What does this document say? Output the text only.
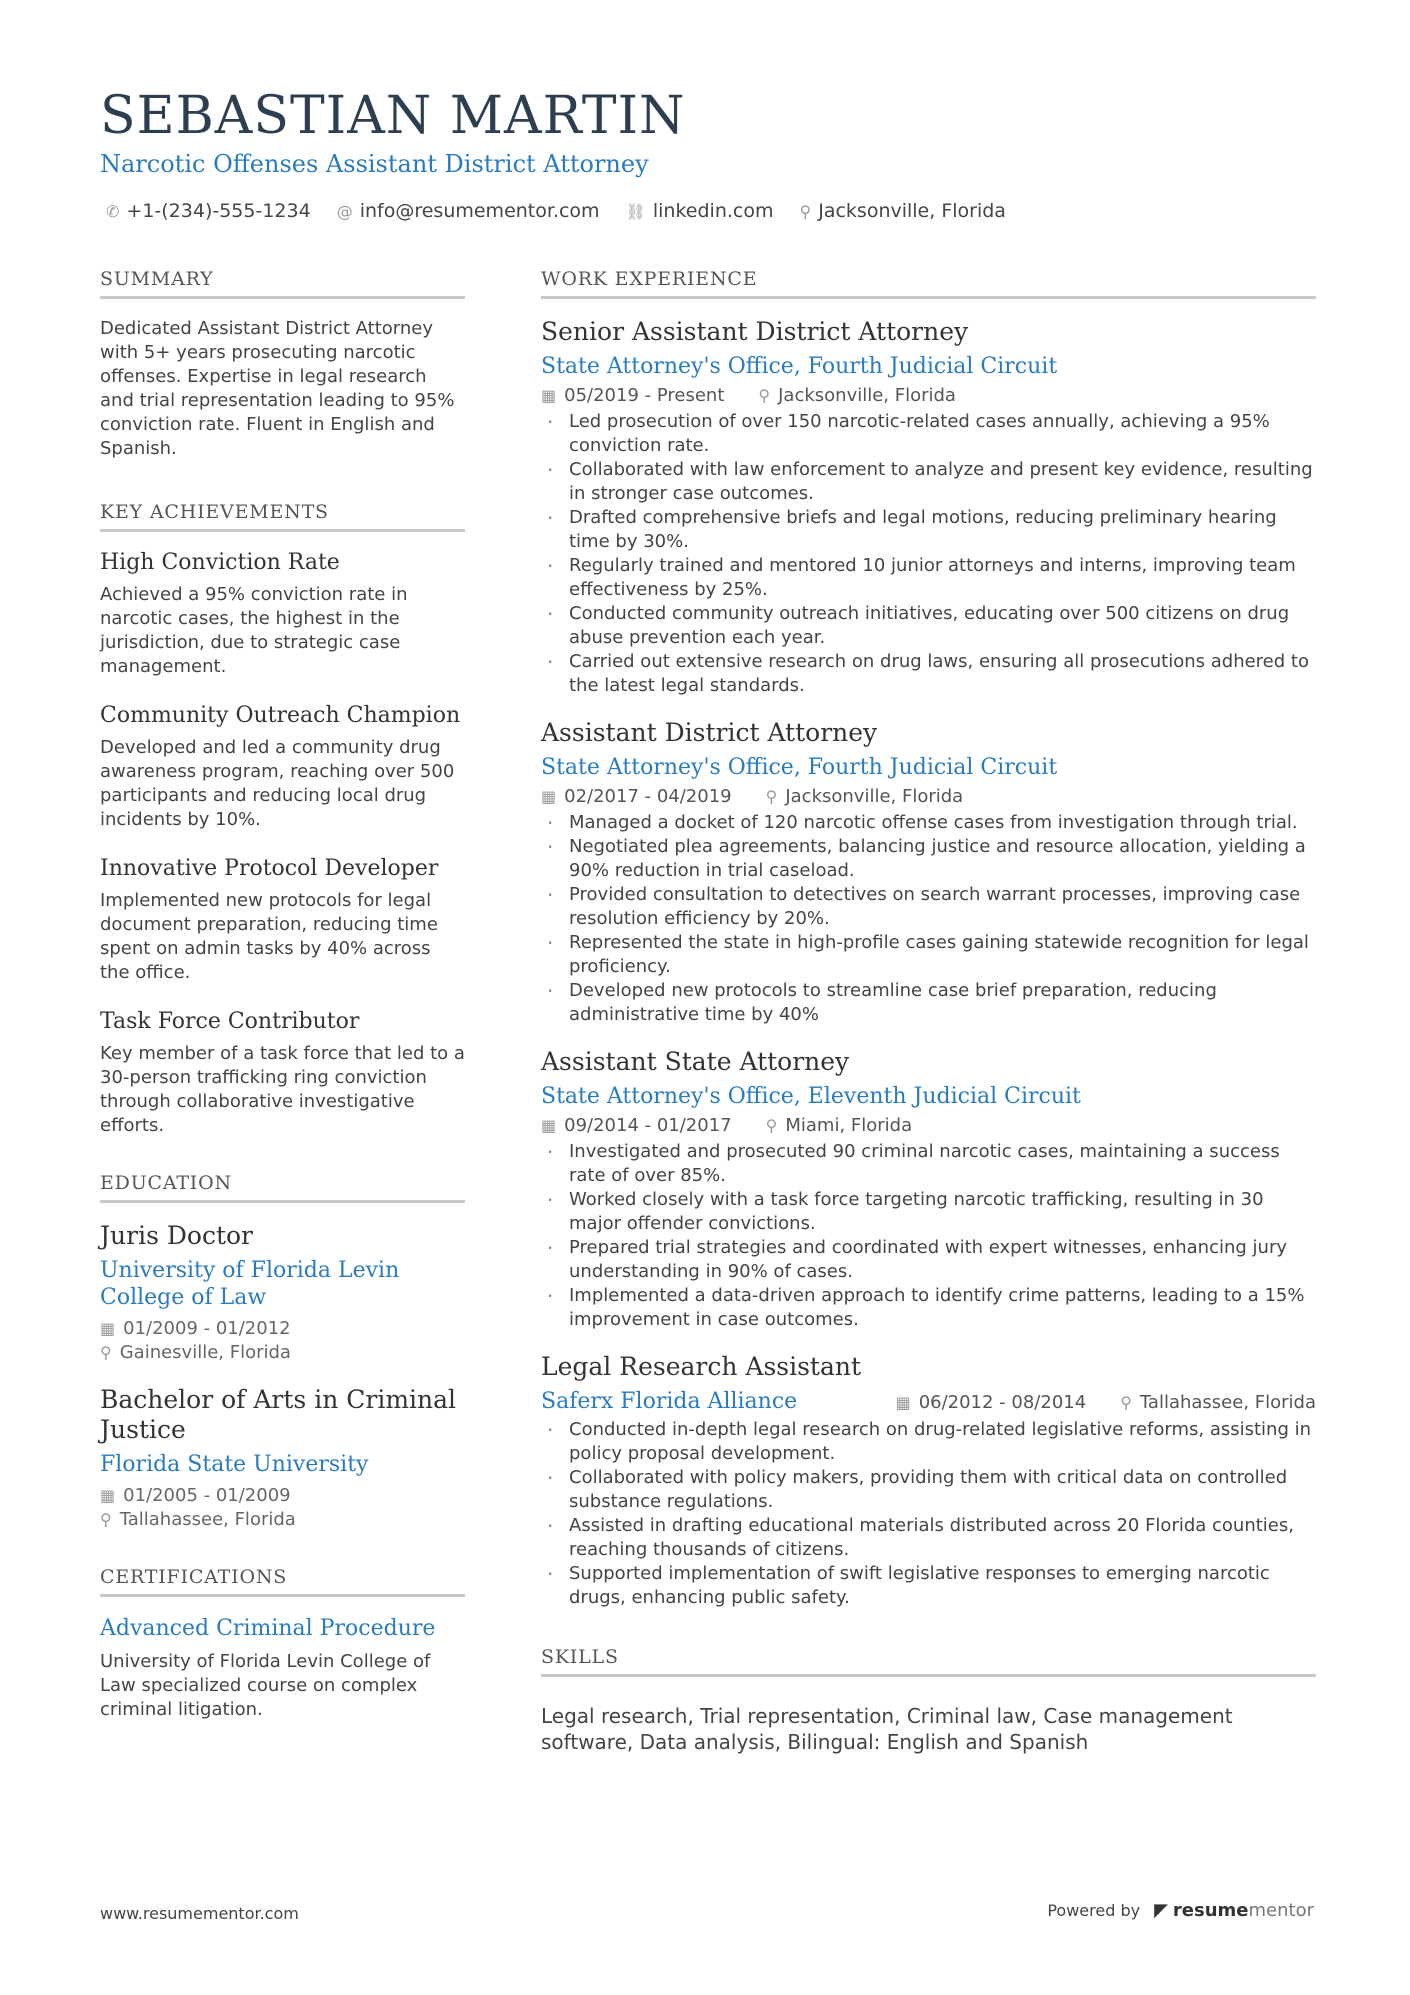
SEBASTIAN MARTIN
Narcotic Offenses Assistant District Attorney
✆ +1-(234)-555-1234 @ info@resumementor.com ⛓ linkedin.com ⚲ Jacksonville, Florida
SUMMARY

Dedicated Assistant District Attorney with 5+ years prosecuting narcotic offenses. Expertise in legal research and trial representation leading to 95% conviction rate. Fluent in English and Spanish.

KEY ACHIEVEMENTS
High Conviction Rate

Achieved a 95% conviction rate in narcotic cases, the highest in the jurisdiction, due to strategic case management.

Community Outreach Champion

Developed and led a community drug awareness program, reaching over 500 participants and reducing local drug incidents by 10%.

Innovative Protocol Developer

Implemented new protocols for legal document preparation, reducing time spent on admin tasks by 40% across the office.

Task Force Contributor

Key member of a task force that led to a 30-person trafficking ring conviction through collaborative investigative efforts.

EDUCATION
Juris Doctor
University of Florida Levin College of Law
▦ 01/2009 - 01/2012
⚲ Gainesville, Florida
Bachelor of Arts in Criminal Justice
Florida State University
▦ 01/2005 - 01/2009
⚲ Tallahassee, Florida
CERTIFICATIONS
Advanced Criminal Procedure

University of Florida Levin College of Law specialized course on complex criminal litigation.

WORK EXPERIENCE
Senior Assistant District Attorney
State Attorney's Office, Fourth Judicial Circuit
▦ 05/2019 - Present ⚲ Jacksonville, Florida
· Led prosecution of over 150 narcotic-related cases annually, achieving a 95% conviction rate.
· Collaborated with law enforcement to analyze and present key evidence, resulting in stronger case outcomes.
· Drafted comprehensive briefs and legal motions, reducing preliminary hearing time by 30%.
· Regularly trained and mentored 10 junior attorneys and interns, improving team effectiveness by 25%.
· Conducted community outreach initiatives, educating over 500 citizens on drug abuse prevention each year.
· Carried out extensive research on drug laws, ensuring all prosecutions adhered to the latest legal standards.
Assistant District Attorney
State Attorney's Office, Fourth Judicial Circuit
▦ 02/2017 - 04/2019 ⚲ Jacksonville, Florida
· Managed a docket of 120 narcotic offense cases from investigation through trial.
· Negotiated plea agreements, balancing justice and resource allocation, yielding a 90% reduction in trial caseload.
· Provided consultation to detectives on search warrant processes, improving case resolution efficiency by 20%.
· Represented the state in high-profile cases gaining statewide recognition for legal proficiency.
· Developed new protocols to streamline case brief preparation, reducing administrative time by 40%
Assistant State Attorney
State Attorney's Office, Eleventh Judicial Circuit
▦ 09/2014 - 01/2017 ⚲ Miami, Florida
· Investigated and prosecuted 90 criminal narcotic cases, maintaining a success rate of over 85%.
· Worked closely with a task force targeting narcotic trafficking, resulting in 30 major offender convictions.
· Prepared trial strategies and coordinated with expert witnesses, enhancing jury understanding in 90% of cases.
· Implemented a data-driven approach to identify crime patterns, leading to a 15% improvement in case outcomes.
Legal Research Assistant
Saferx Florida Alliance	▦ 06/2012 - 08/2014 ⚲ Tallahassee, Florida
· Conducted in-depth legal research on drug-related legislative reforms, assisting in policy proposal development.
· Collaborated with policy makers, providing them with critical data on controlled substance regulations.
· Assisted in drafting educational materials distributed across 20 Florida counties, reaching thousands of citizens.
· Supported implementation of swift legislative responses to emerging narcotic drugs, enhancing public safety.
SKILLS

Legal research, Trial representation, Criminal law, Case management software, Data analysis, Bilingual: English and Spanish

www.resumementor.com	Powered by ◤ resume mentor
